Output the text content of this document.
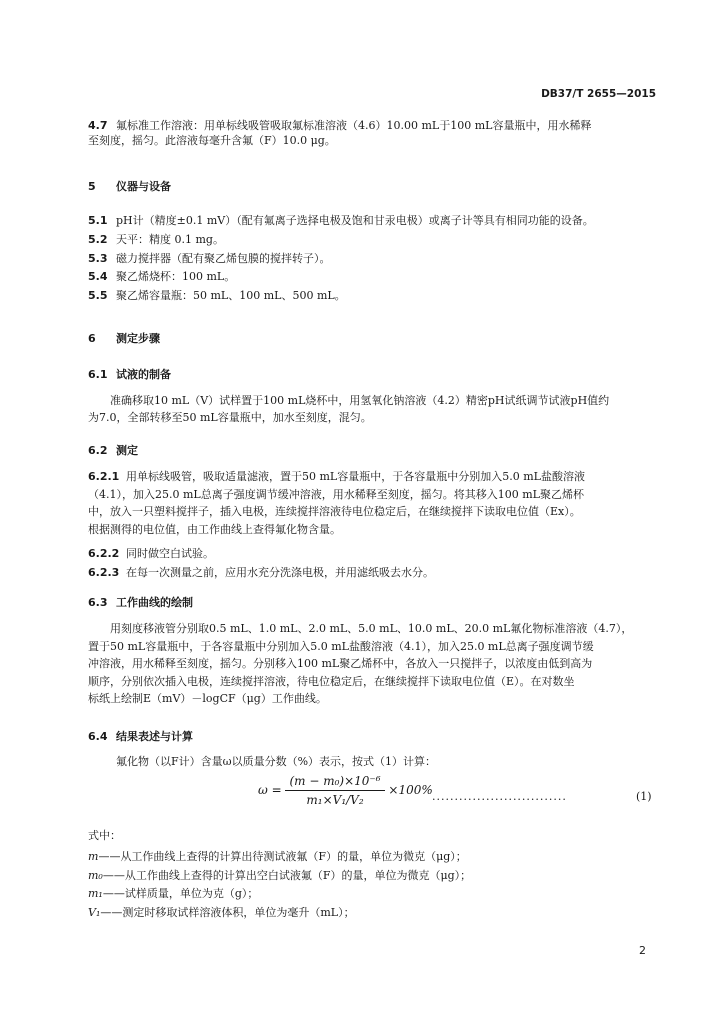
DB37/T 2655—2015
4.7 氟标准工作溶液：用单标线吸管吸取氟标准溶液（4.6）10.00 mL于100 mL容量瓶中，用水稀释
至刻度，摇匀。此溶液每毫升含氟（F）10.0 μg。
5 仪器与设备
5.1 pH计（精度±0.1 mV）（配有氟离子选择电极及饱和甘汞电极）或离子计等具有相同功能的设备。
5.2 天平：精度 0.1 mg。
5.3 磁力搅拌器（配有聚乙烯包膜的搅拌转子）。
5.4 聚乙烯烧杯：100 mL。
5.5 聚乙烯容量瓶：50 mL、100 mL、500 mL。
6 测定步骤
6.1 试液的制备
准确移取10 mL（V）试样置于100 mL烧杯中，用氢氧化钠溶液（4.2）精密pH试纸调节试液pH值约
为7.0，全部转移至50 mL容量瓶中，加水至刻度，混匀。
6.2 测定
6.2.1 用单标线吸管，吸取适量滤液，置于50 mL容量瓶中，于各容量瓶中分别加入5.0 mL盐酸溶液
（4.1），加入25.0 mL总离子强度调节缓冲溶液，用水稀释至刻度，摇匀。将其移入100 mL聚乙烯杯
中，放入一只塑料搅拌子，插入电极，连续搅拌溶液待电位稳定后，在继续搅拌下读取电位值（Ex）。
根据测得的电位值，由工作曲线上查得氟化物含量。
6.2.2 同时做空白试验。
6.2.3 在每一次测量之前，应用水充分洗涤电极，并用滤纸吸去水分。
6.3 工作曲线的绘制
用刻度移液管分别取0.5 mL、1.0 mL、2.0 mL、5.0 mL、10.0 mL、20.0 mL氟化物标准溶液（4.7），
置于50 mL容量瓶中，于各容量瓶中分别加入5.0 mL盐酸溶液（4.1），加入25.0 mL总离子强度调节缓
冲溶液，用水稀释至刻度，摇匀。分别移入100 mL聚乙烯杯中，各放入一只搅拌子，以浓度由低到高为
顺序，分别依次插入电极，连续搅拌溶液，待电位稳定后，在继续搅拌下读取电位值（E）。在对数坐
标纸上绘制E（mV）－logCF（μg）工作曲线。
6.4 结果表述与计算
氟化物（以F计）含量ω以质量分数（%）表示，按式（1）计算：
$\omega = \frac{\text{(m − m₀)×10⁻⁶}}{\text{m₁×V₁/V₂}} \times 100\%$ ..............................	(1)
式中：
m——从工作曲线上查得的计算出待测试液氟（F）的量，单位为微克（μg）；
m₀——从工作曲线上查得的计算出空白试液氟（F）的量，单位为微克（μg）；
m₁——试样质量，单位为克（g）；
V₁——测定时移取试样溶液体积，单位为毫升（mL）；
2
